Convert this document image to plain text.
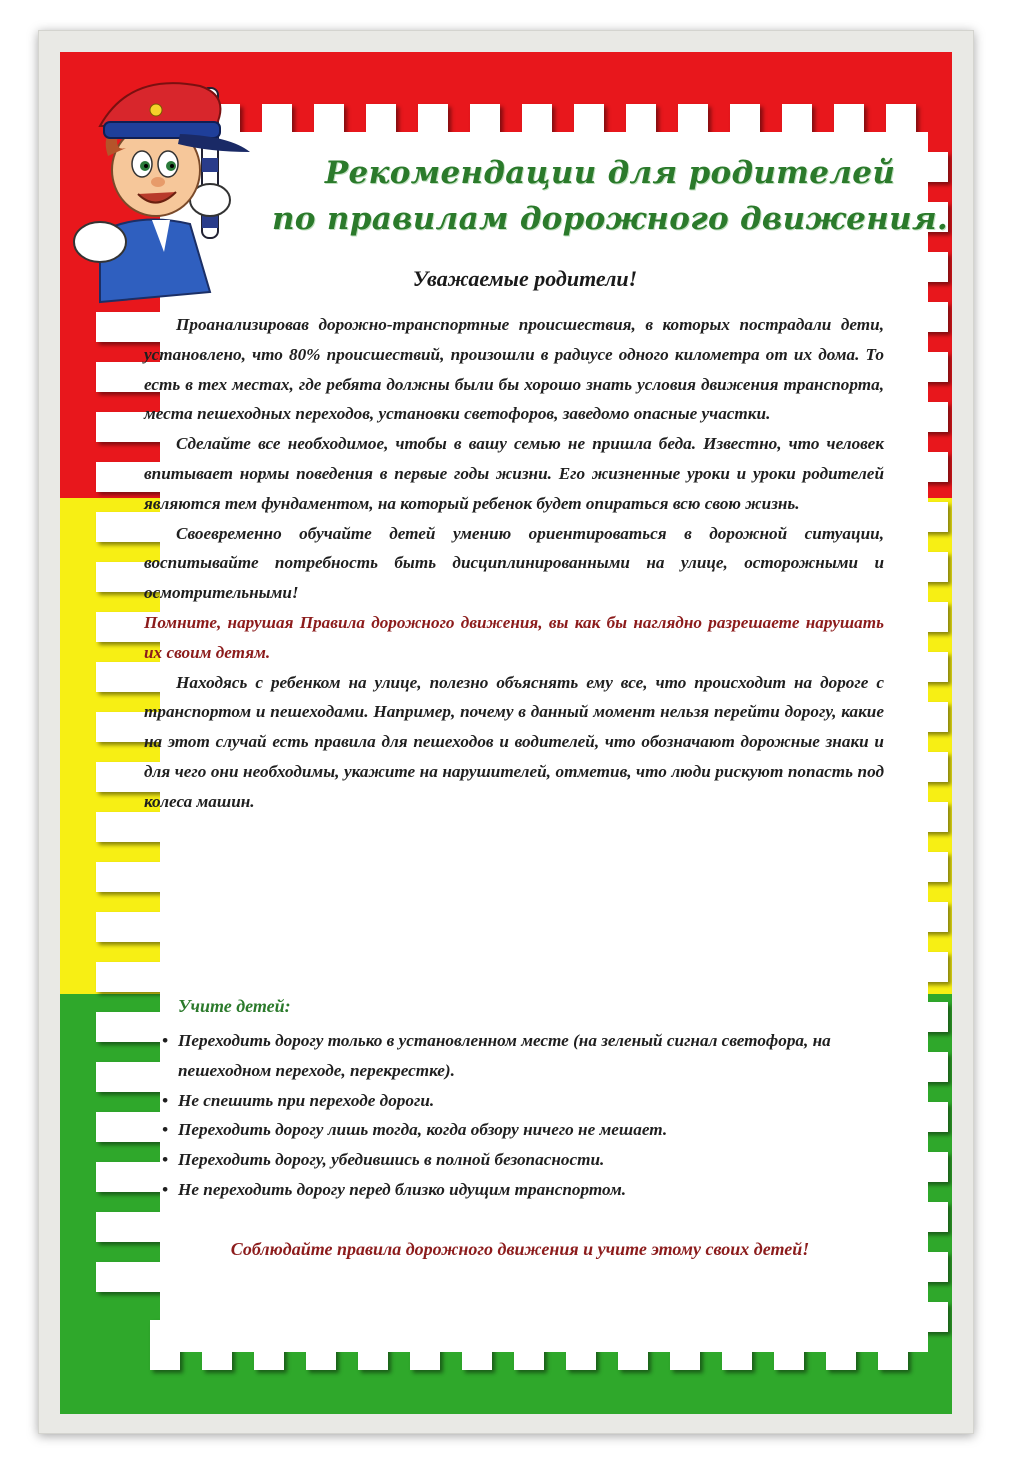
Рекомендации для родителей
по правилам дорожного движения.
Уважаемые родители!

Проанализировав дорожно-транспортные происшествия, в которых пострадали дети, установлено, что 80% происшествий, произошли в радиусе одного километра от их дома. То есть в тех местах, где ребята должны были бы хорошо знать условия движения транспорта, места пешеходных переходов, установки светофоров, заведомо опасные участки.

Сделайте все необходимое, чтобы в вашу семью не пришла беда. Известно, что человек впитывает нормы поведения в первые годы жизни. Его жизненные уроки и уроки родителей являются тем фундаментом, на который ребенок будет опираться всю свою жизнь.

Своевременно обучайте детей умению ориентироваться в дорожной ситуации, воспитывайте потребность быть дисциплинированными на улице, осторожными и осмотрительными!

Помните, нарушая Правила дорожного движения, вы как бы наглядно разрешаете нарушать их своим детям.

Находясь с ребенком на улице, полезно объяснять ему все, что происходит на дороге с транспортом и пешеходами. Например, почему в данный момент нельзя перейти дорогу, какие на этот случай есть правила для пешеходов и водителей, что обозначают дорожные знаки и для чего они необходимы, укажите на нарушителей, отметив, что люди рискуют попасть под колеса машин.

Учите детей:
• Переходить дорогу только в установленном месте (на зеленый сигнал светофора, на пешеходном переходе, перекрестке).
• Не спешить при переходе дороги.
• Переходить дорогу лишь тогда, когда обзору ничего не мешает.
• Переходить дорогу, убедившись в полной безопасности.
• Не переходить дорогу перед близко идущим транспортом.
Соблюдайте правила дорожного движения и учите этому своих детей!
